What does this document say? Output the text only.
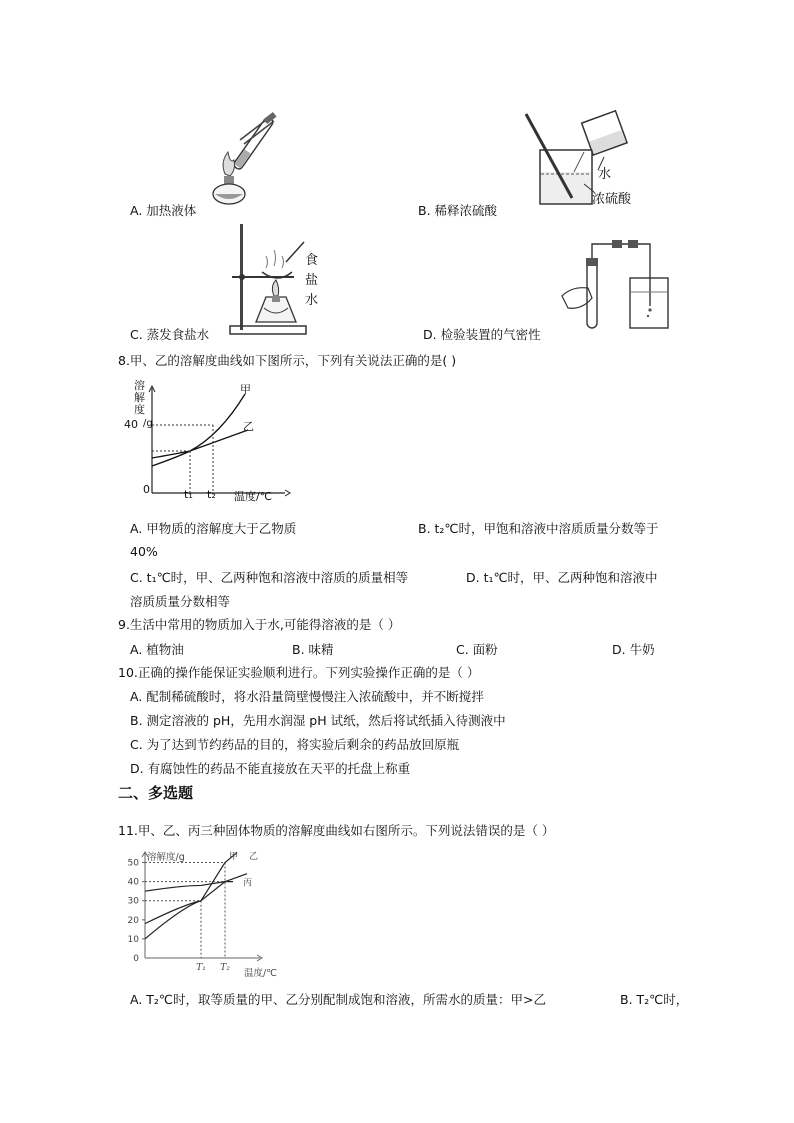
A. 加热液体
水
浓硫酸
B. 稀释浓硫酸
食
盐
水
C. 蒸发食盐水	D. 检验装置的气密性
8.甲、乙的溶解度曲线如下图所示，下列有关说法正确的是( )
溶
解
度
40 /g
0	t₁ t₂ 温度/℃
甲
乙
A. 甲物质的溶解度大于乙物质	B. t₂℃时，甲饱和溶液中溶质质量分数等于
40%
C. t₁℃时，甲、乙两种饱和溶液中溶质的质量相等	D. t₁℃时，甲、乙两种饱和溶液中
溶质质量分数相等
9.生活中常用的物质加入于水,可能得溶液的是（ ）
A. 植物油	B. 味精	C. 面粉	D. 牛奶
10.正确的操作能保证实验顺利进行。下列实验操作正确的是（ ）
A. 配制稀硫酸时，将水沿量筒壁慢慢注入浓硫酸中，并不断搅拌
B. 测定溶液的 pH，先用水润湿 pH 试纸，然后将试纸插入待测液中
C. 为了达到节约药品的目的，将实验后剩余的药品放回原瓶
D. 有腐蚀性的药品不能直接放在天平的托盘上称重
二、多选题
11.甲、乙、丙三种固体物质的溶解度曲线如右图所示。下列说法错误的是（ ）
0
10
20
30
40
50
T₁ T₂
甲 乙
丙
溶解度/g
温度/℃
A. T₂℃时，取等质量的甲、乙分别配制成饱和溶液，所需水的质量：甲>乙	B. T₂℃时，
